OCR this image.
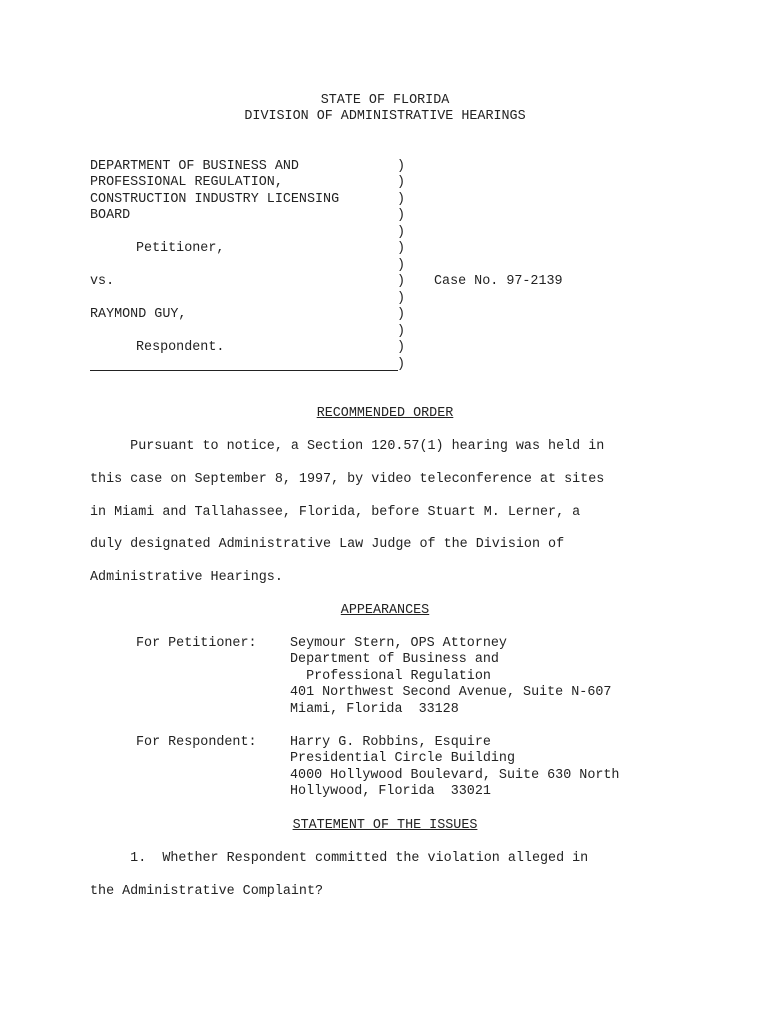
STATE OF FLORIDA
DIVISION OF ADMINISTRATIVE HEARINGS
DEPARTMENT OF BUSINESS AND
PROFESSIONAL REGULATION,
CONSTRUCTION INDUSTRY LICENSING
BOARD
Petitioner,
vs.	Case No. 97-2139
RAYMOND GUY,
Respondent.
)
)
)
)
)
)
)
)
)
)
)
)
)
RECOMMENDED ORDER
Pursuant to notice, a Section 120.57(1) hearing was held in
this case on September 8, 1997, by video teleconference at sites
in Miami and Tallahassee, Florida, before Stuart M. Lerner, a
duly designated Administrative Law Judge of the Division of
Administrative Hearings.
APPEARANCES
For Petitioner: Seymour Stern, OPS Attorney
Department of Business and
Professional Regulation
401 Northwest Second Avenue, Suite N-607
Miami, Florida  33128
For Respondent: Harry G. Robbins, Esquire
Presidential Circle Building
4000 Hollywood Boulevard, Suite 630 North
Hollywood, Florida  33021
STATEMENT OF THE ISSUES
1.  Whether Respondent committed the violation alleged in
the Administrative Complaint?
